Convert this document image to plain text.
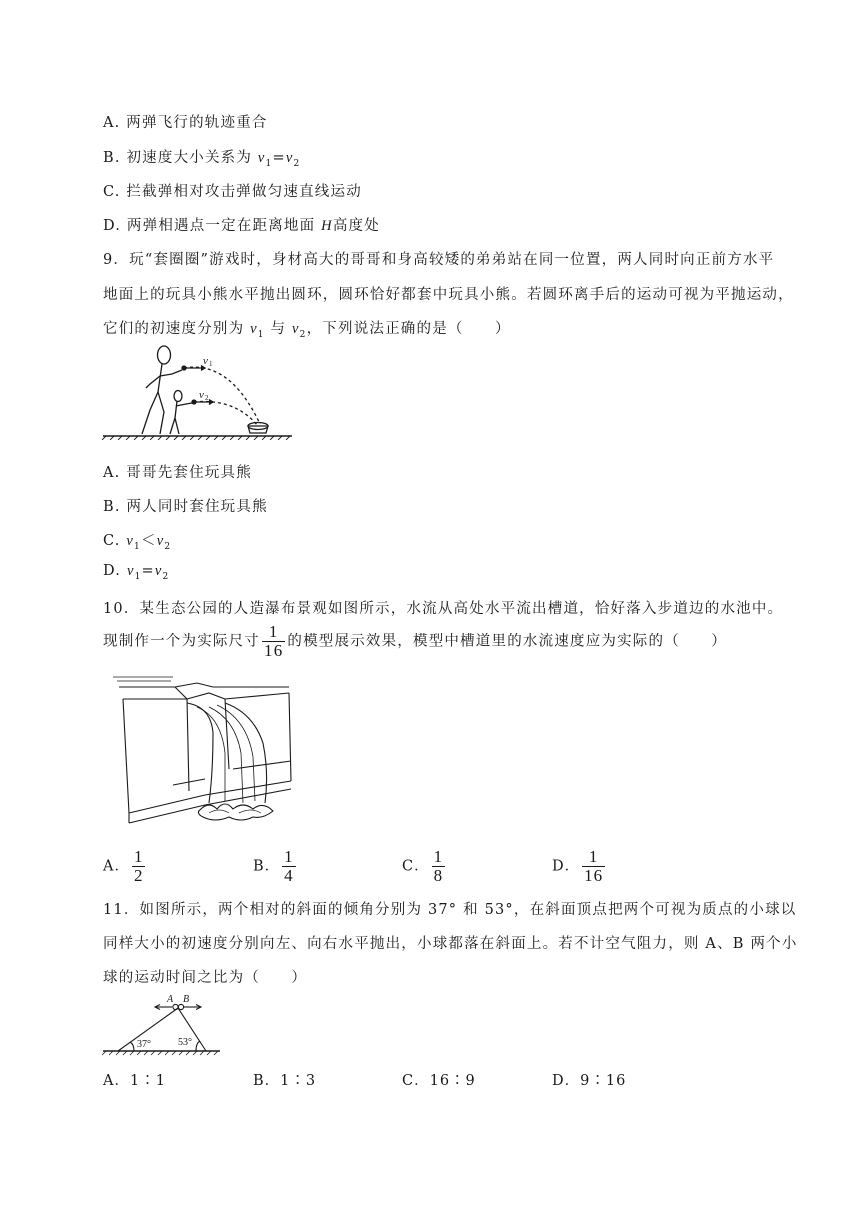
A. 两弹飞行的轨迹重合
B. 初速度大小关系为 $v_1=v_2$
C. 拦截弹相对攻击弹做匀速直线运动
D. 两弹相遇点一定在距离地面 H高度处
9．玩“套圈圈”游戏时，身材高大的哥哥和身高较矮的弟弟站在同一位置，两人同时向正前方水平
地面上的玩具小熊水平抛出圆环，圆环恰好都套中玩具小熊。若圆环离手后的运动可视为平抛运动，
它们的初速度分别为 $v_1$ 与 $v_2$，下列说法正确的是（　　）
v 1
v 2
A. 哥哥先套住玩具熊
B. 两人同时套住玩具熊
C. $v_1<v_2$
D. $v_1=v_2$
10．某生态公园的人造瀑布景观如图所示，水流从高处水平流出槽道，恰好落入步道边的水池中。
现制作一个为实际尺寸 $\frac{1}{16}$ 的模型展示效果，模型中槽道里的水流速度应为实际的（　　）
A． $\frac{1}{2}$	B． $\frac{1}{4}$	C． $\frac{1}{8}$	D． $\frac{1}{16}$
11．如图所示，两个相对的斜面的倾角分别为 37° 和 53°，在斜面顶点把两个可视为质点的小球以
同样大小的初速度分别向左、向右水平抛出，小球都落在斜面上。若不计空气阻力，则 A、B 两个小
球的运动时间之比为（　　）
A B
37°	53°
A．1∶1	B．1∶3	C．16∶9	D．9∶16
